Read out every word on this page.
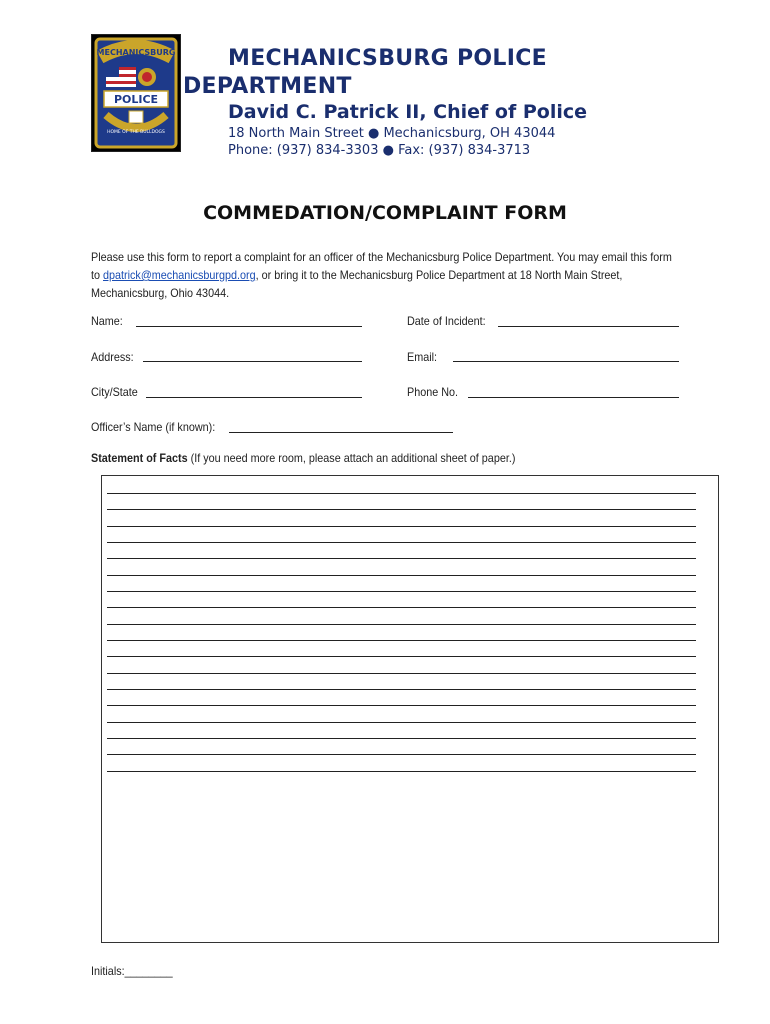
MECHANICSBURG
POLICE
HOME OF THE BULLDOGS
MECHANICSBURG POLICE
DEPARTMENT
David C. Patrick II, Chief of Police
18 North Main Street ● Mechanicsburg, OH 43044
Phone: (937) 834-3303 ● Fax: (937) 834-3713
COMMEDATION/COMPLAINT FORM
Please use this form to report a complaint for an officer of the Mechanicsburg Police Department. You may email this form to dpatrick@mechanicsburgpd.org, or bring it to the Mechanicsburg Police Department at 18 North Main Street, Mechanicsburg, Ohio 43044.
Name:	Date of Incident:
Address:	Email:
City/State	Phone No.
Officer’s Name (if known):
Statement of Facts (If you need more room, please attach an additional sheet of paper.)
Initials:________
